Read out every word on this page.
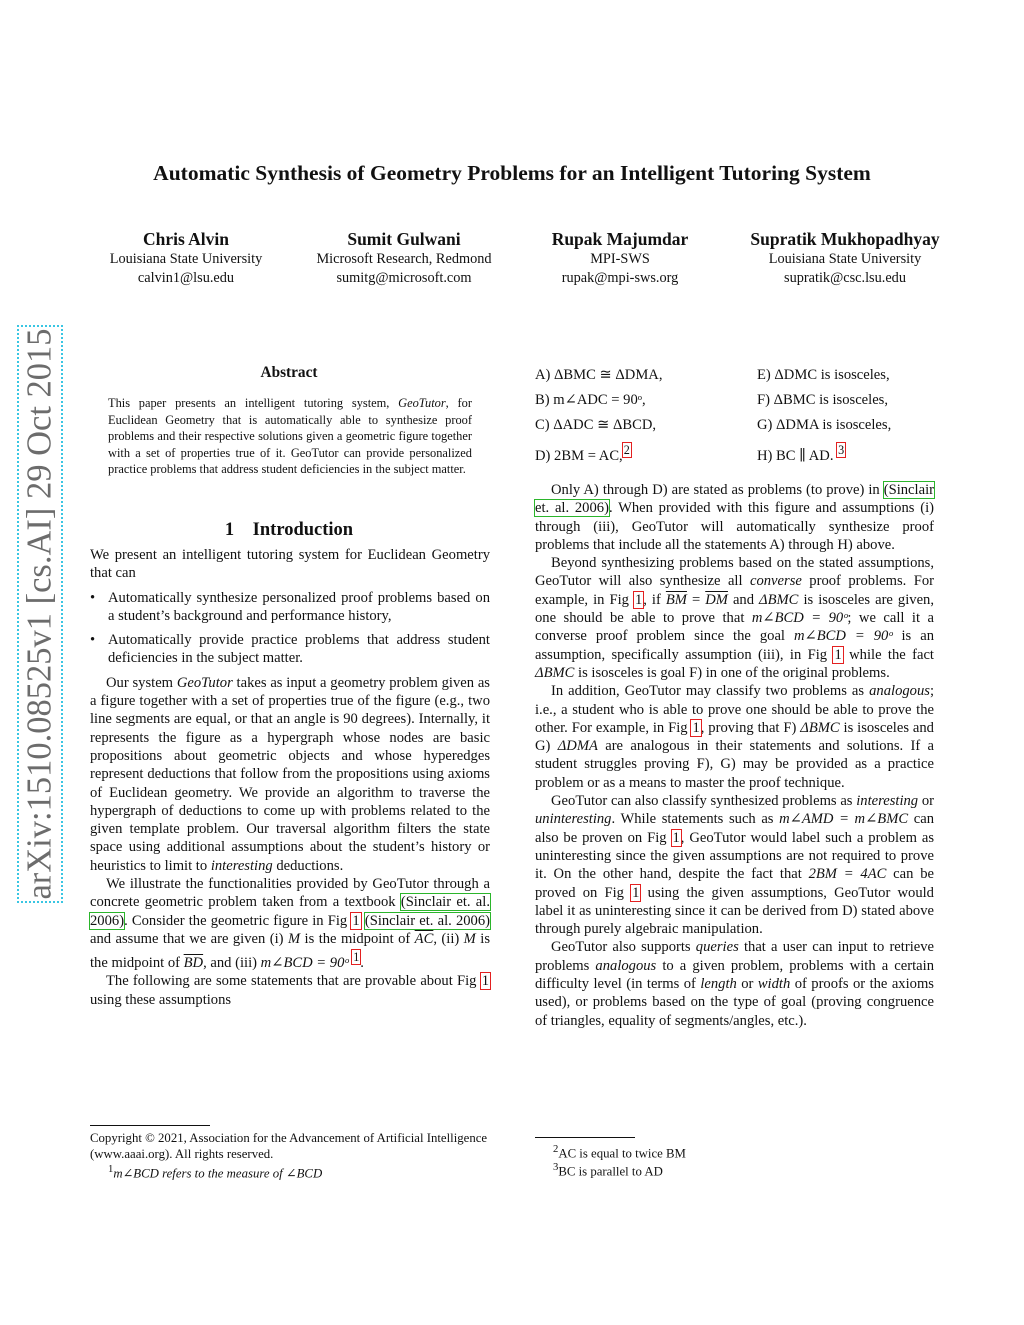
Automatic Synthesis of Geometry Problems for an Intelligent Tutoring System
Chris Alvin
Louisiana State University
calvin1@lsu.edu
Sumit Gulwani
Microsoft Research, Redmond
sumitg@microsoft.com
Rupak Majumdar
MPI-SWS
rupak@mpi-sws.org
Supratik Mukhopadhyay
Louisiana State University
supratik@csc.lsu.edu
arXiv:1510.08525v1 [cs.AI] 29 Oct 2015	Abstract
This paper presents an intelligent tutoring system, GeoTutor, for Euclidean Geometry that is automatically able to synthesize proof problems and their respective solutions given a geometric figure together with a set of properties true of it. GeoTutor can provide personalized practice problems that address student deficiencies in the subject matter.
1 Introduction

We present an intelligent tutoring system for Euclidean Geometry that can

• Automatically synthesize personalized proof problems based on a student’s background and performance history,
• Automatically provide practice problems that address student deficiencies in the subject matter.

Our system GeoTutor takes as input a geometry problem given as a figure together with a set of properties true of the figure (e.g., two line segments are equal, or that an angle is 90 degrees). Internally, it represents the figure as a hypergraph whose nodes are basic propositions about geometric objects and whose hyperedges represent deductions that follow from the propositions using axioms of Euclidean geometry. We provide an algorithm to traverse the hypergraph of deductions to come up with problems related to the given template problem. Our traversal algorithm filters the state space using additional assumptions about the student’s history or heuristics to limit to interesting deductions.

We illustrate the functionalities provided by GeoTutor through a concrete geometric problem taken from a textbook (Sinclair et. al. 2006). Consider the geometric figure in Fig 1 (Sinclair et. al. 2006) and assume that we are given (i) M is the midpoint of $\overline{AC}$, (ii) M is the midpoint of $\overline{BD}$, and (iii) m∠BCD = 90ᵒ $^1$.

The following are some statements that are provable about Fig 1 using these assumptions

Copyright © 2021, Association for the Advancement of Artificial Intelligence (www.aaai.org). All rights reserved.
$^1$m∠BCD refers to the measure of ∠BCD
A) ΔBMC ≅ ΔDMA,
B) m∠ADC = 90ᵒ,
C) ΔADC ≅ ΔBCD,
D) 2BM = AC,$^2$
E) ΔDMC is isosceles,
F) ΔBMC is isosceles,
G) ΔDMA is isosceles,
H) BC ∥ AD. $^3$

Only A) through D) are stated as problems (to prove) in (Sinclair et. al. 2006). When provided with this figure and assumptions (i) through (iii), GeoTutor will automatically synthesize proof problems that include all the statements A) through H) above.

Beyond synthesizing problems based on the stated assumptions, GeoTutor will also synthesize all converse proof problems. For example, in Fig 1, if $\overline{BM} = \overline{DM}$ and ΔBMC is isosceles are given, one should be able to prove that m∠BCD = 90ᵒ; we call it a converse proof problem since the goal m∠BCD = 90ᵒ is an assumption, specifically assumption (iii), in Fig 1 while the fact ΔBMC is isosceles is goal F) in one of the original problems.

In addition, GeoTutor may classify two problems as analogous; i.e., a student who is able to prove one should be able to prove the other. For example, in Fig 1, proving that F) ΔBMC is isosceles and G) ΔDMA are analogous in their statements and solutions. If a student struggles proving F), G) may be provided as a practice problem or as a means to master the proof technique.

GeoTutor can also classify synthesized problems as interesting or uninteresting. While statements such as m∠AMD = m∠BMC can also be proven on Fig 1, GeoTutor would label such a problem as uninteresting since the given assumptions are not required to prove it. On the other hand, despite the fact that 2BM = 4AC can be proved on Fig 1 using the given assumptions, GeoTutor would label it as uninteresting since it can be derived from D) stated above through purely algebraic manipulation.

GeoTutor also supports queries that a user can input to retrieve problems analogous to a given problem, problems with a certain difficulty level (in terms of length or width of proofs or the axioms used), or problems based on the type of goal (proving congruence of triangles, equality of segments/angles, etc.).

$^2$AC is equal to twice BM
$^3$BC is parallel to AD
